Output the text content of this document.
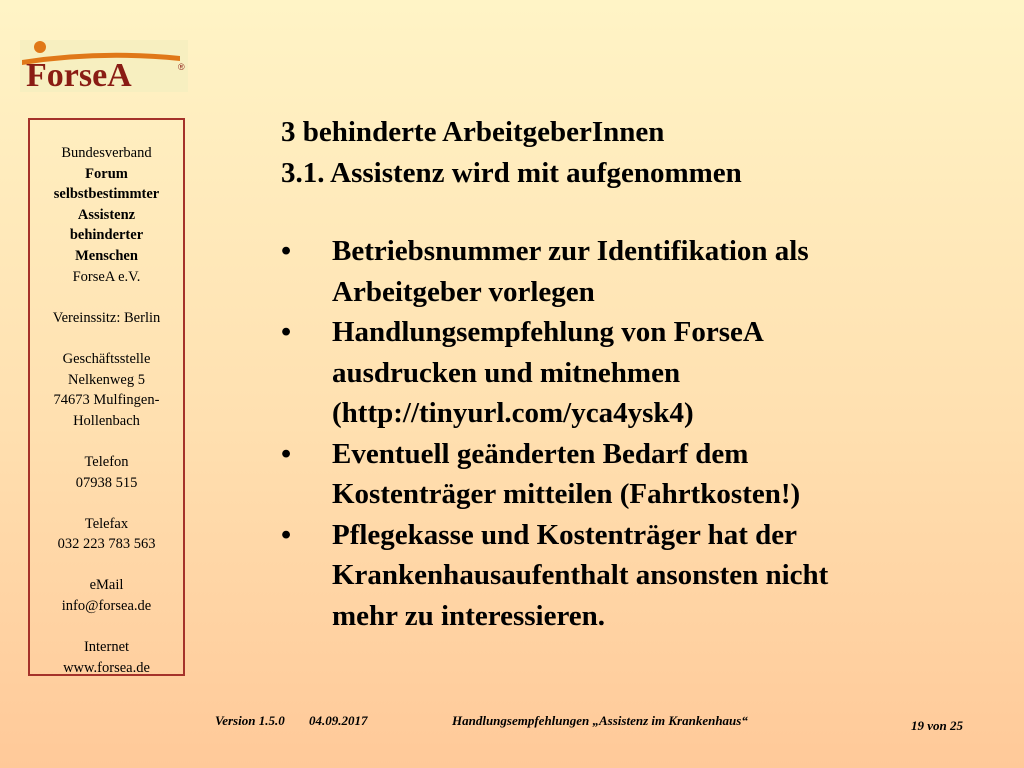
ForseA	®
Bundesverband
Forum
selbstbestimmter
Assistenz
behinderter
Menschen
ForseA e.V.
Vereinssitz: Berlin
Geschäftsstelle
Nelkenweg 5
74673 Mulfingen-
Hollenbach
Telefon
07938 515
Telefax
032 223 783 563
eMail
info@forsea.de
Internet
www.forsea.de
3 behinderte ArbeitgeberInnen
3.1. Assistenz wird mit aufgenommen
•	Betriebsnummer zur Identifikation als
Arbeitgeber vorlegen
•	Handlungsempfehlung von ForseA
ausdrucken und mitnehmen
(http://tinyurl.com/yca4ysk4)
•	Eventuell geänderten Bedarf dem
Kostenträger mitteilen (Fahrtkosten!)
•	Pflegekasse und Kostenträger hat der
Krankenhausaufenthalt ansonsten nicht
mehr zu interessieren.
Version 1.5.0 04.09.2017	Handlungsempfehlungen „Assistenz im Krankenhaus“	19 von 25
